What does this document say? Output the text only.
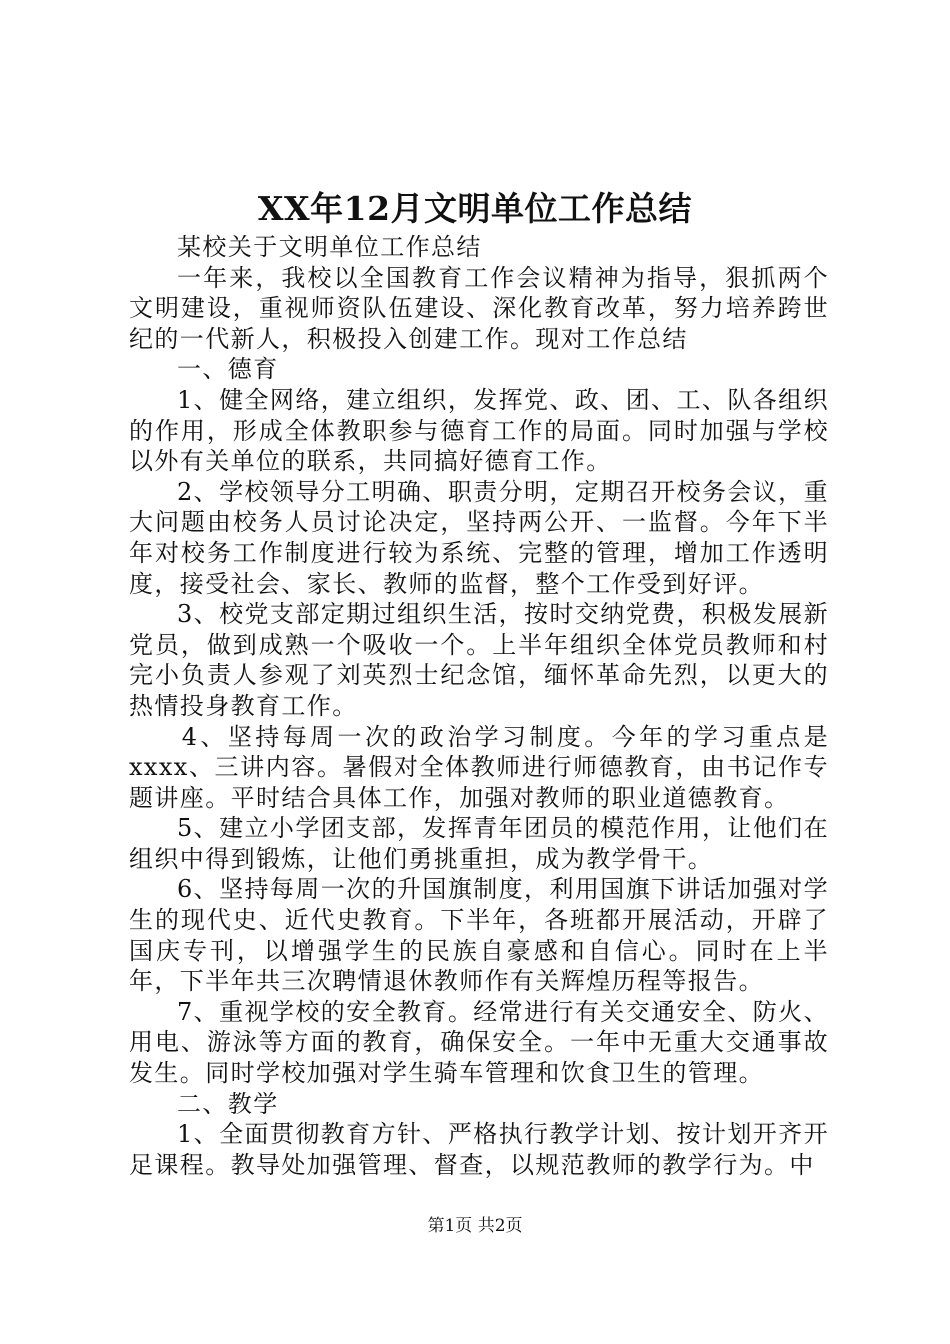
XX年12月文明单位工作总结

某校关于文明单位工作总结

一年来，我校以全国教育工作会议精神为指导，狠抓两个文明建设，重视师资队伍建设、深化教育改革，努力培养跨世纪的一代新人，积极投入创建工作。现对工作总结

一、德育

1、健全网络，建立组织，发挥党、政、团、工、队各组织的作用，形成全体教职参与德育工作的局面。同时加强与学校以外有关单位的联系，共同搞好德育工作。

2、学校领导分工明确、职责分明，定期召开校务会议，重大问题由校务人员讨论决定，坚持两公开、一监督。今年下半年对校务工作制度进行较为系统、完整的管理，增加工作透明度，接受社会、家长、教师的监督，整个工作受到好评。

3、校党支部定期过组织生活，按时交纳党费，积极发展新党员，做到成熟一个吸收一个。上半年组织全体党员教师和村完小负责人参观了刘英烈士纪念馆，缅怀革命先烈，以更大的热情投身教育工作。

4、坚持每周一次的政治学习制度。今年的学习重点是xxxx、三讲内容。暑假对全体教师进行师德教育，由书记作专题讲座。平时结合具体工作，加强对教师的职业道德教育。

5、建立小学团支部，发挥青年团员的模范作用，让他们在组织中得到锻炼，让他们勇挑重担，成为教学骨干。

6、坚持每周一次的升国旗制度，利用国旗下讲话加强对学生的现代史、近代史教育。下半年，各班都开展活动，开辟了国庆专刊，以增强学生的民族自豪感和自信心。同时在上半年，下半年共三次聘情退休教师作有关辉煌历程等报告。

7、重视学校的安全教育。经常进行有关交通安全、防火、用电、游泳等方面的教育，确保安全。一年中无重大交通事故发生。同时学校加强对学生骑车管理和饮食卫生的管理。

二、教学

1、全面贯彻教育方针、严格执行教学计划、按计划开齐开足课程。教导处加强管理、督查，以规范教师的教学行为。中

第1页 共2页
